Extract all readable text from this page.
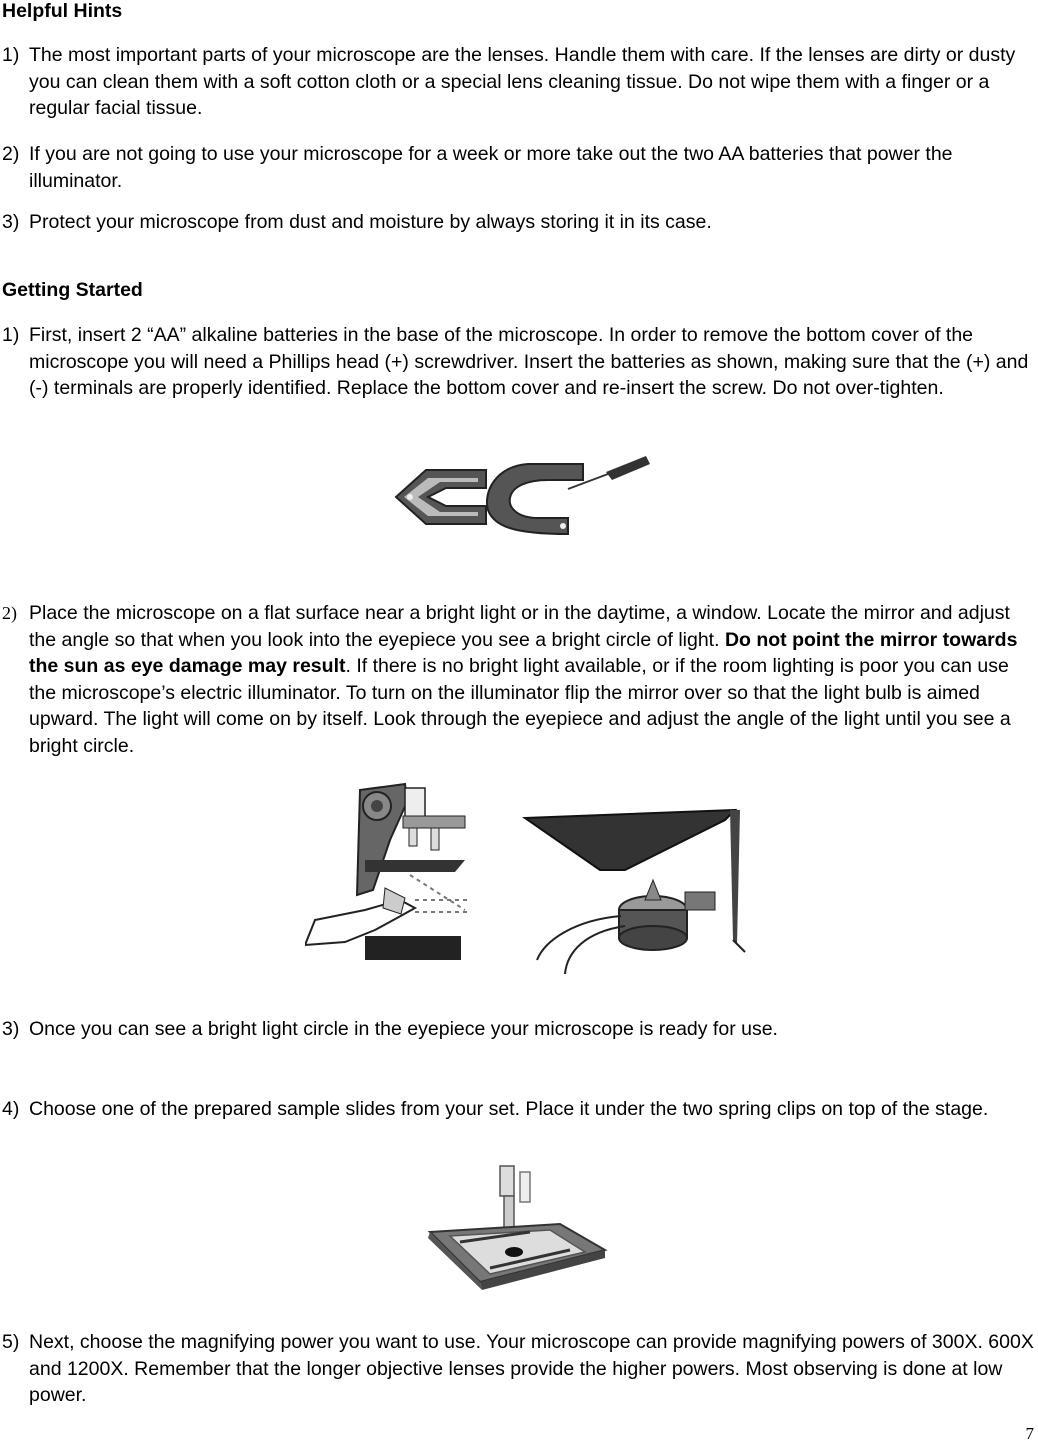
Helpful Hints

1) The most important parts of your microscope are the lenses. Handle them with care. If the lenses are dirty or dusty you can clean them with a soft cotton cloth or a special lens cleaning tissue. Do not wipe them with a finger or a regular facial tissue.

2) If you are not going to use your microscope for a week or more take out the two AA batteries that power the illuminator.

3) Protect your microscope from dust and moisture by always storing it in its case.

Getting Started

1) First, insert 2 “AA” alkaline batteries in the base of the microscope. In order to remove the bottom cover of the microscope you will need a Phillips head (+) screwdriver. Insert the batteries as shown, making sure that the (+) and (-) terminals are properly identified. Replace the bottom cover and re-insert the screw. Do not over-tighten.

2) Place the microscope on a flat surface near a bright light or in the daytime, a window. Locate the mirror and adjust the angle so that when you look into the eyepiece you see a bright circle of light. Do not point the mirror towards the sun as eye damage may result. If there is no bright light available, or if the room lighting is poor you can use the microscope’s electric illuminator. To turn on the illuminator flip the mirror over so that the light bulb is aimed upward. The light will come on by itself. Look through the eyepiece and adjust the angle of the light until you see a bright circle.

3) Once you can see a bright light circle in the eyepiece your microscope is ready for use.

4) Choose one of the prepared sample slides from your set. Place it under the two spring clips on top of the stage.

5) Next, choose the magnifying power you want to use. Your microscope can provide magnifying powers of 300X. 600X and 1200X. Remember that the longer objective lenses provide the higher powers. Most observing is done at low power.

7
